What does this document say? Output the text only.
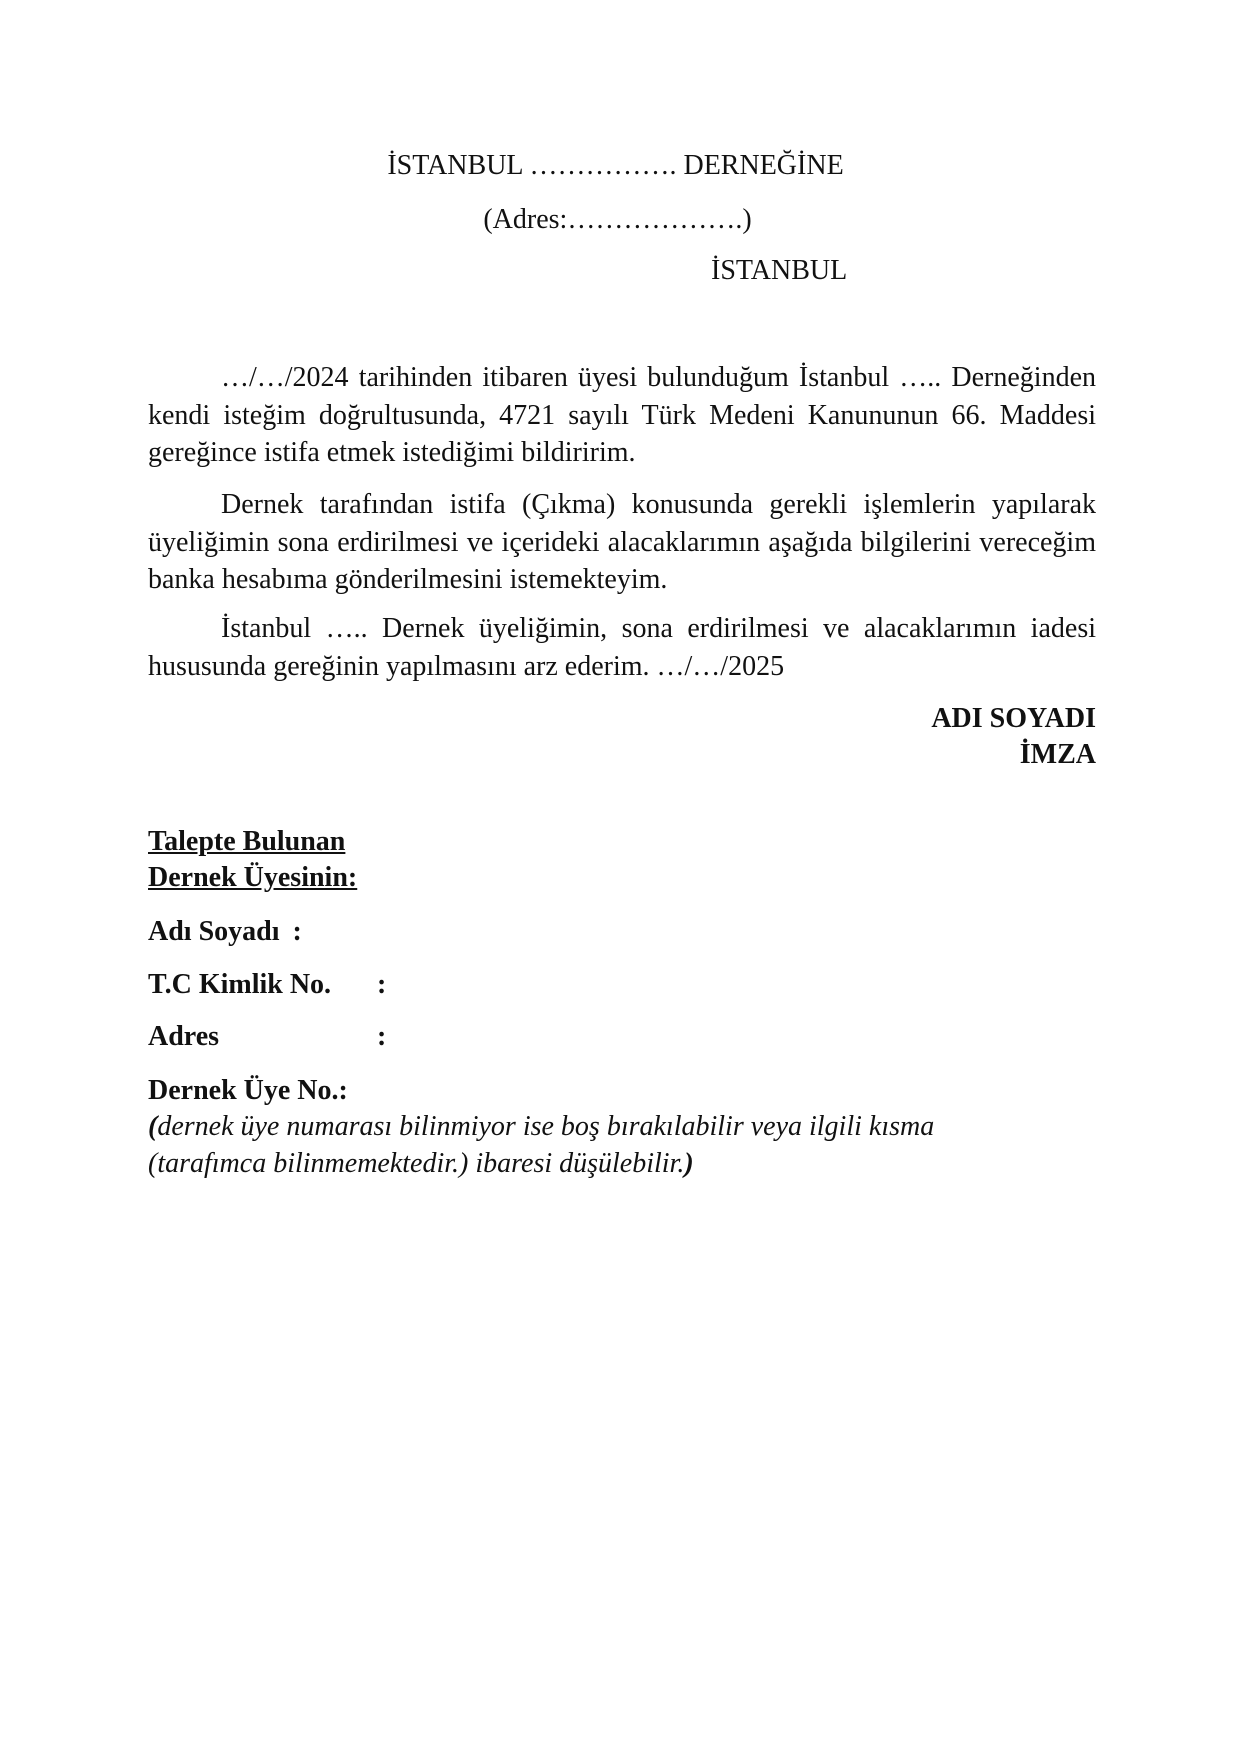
İSTANBUL ……………. DERNEĞİNE
(Adres:……………….)
İSTANBUL
…/…/2024 tarihinden itibaren üyesi bulunduğum İstanbul ….. Derneğinden kendi isteğim doğrultusunda, 4721 sayılı Türk Medeni Kanununun 66. Maddesi gereğince istifa etmek istediğimi bildiririm.
Dernek tarafından istifa (Çıkma) konusunda gerekli işlemlerin yapılarak üyeliğimin sona erdirilmesi ve içerideki alacaklarımın aşağıda bilgilerini vereceğim banka hesabıma gönderilmesini istemekteyim.
İstanbul ….. Dernek üyeliğimin, sona erdirilmesi ve alacaklarımın iadesi hususunda gereğinin yapılmasını arz ederim. …/…/2025
ADI SOYADI
İMZA
Talepte Bulunan
Dernek Üyesinin:
Adı Soyadı :
T.C Kimlik No. :
Adres	:
Dernek Üye No.:
(dernek üye numarası bilinmiyor ise boş bırakılabilir veya ilgili kısma
(tarafımca bilinmemektedir.) ibaresi düşülebilir.)
